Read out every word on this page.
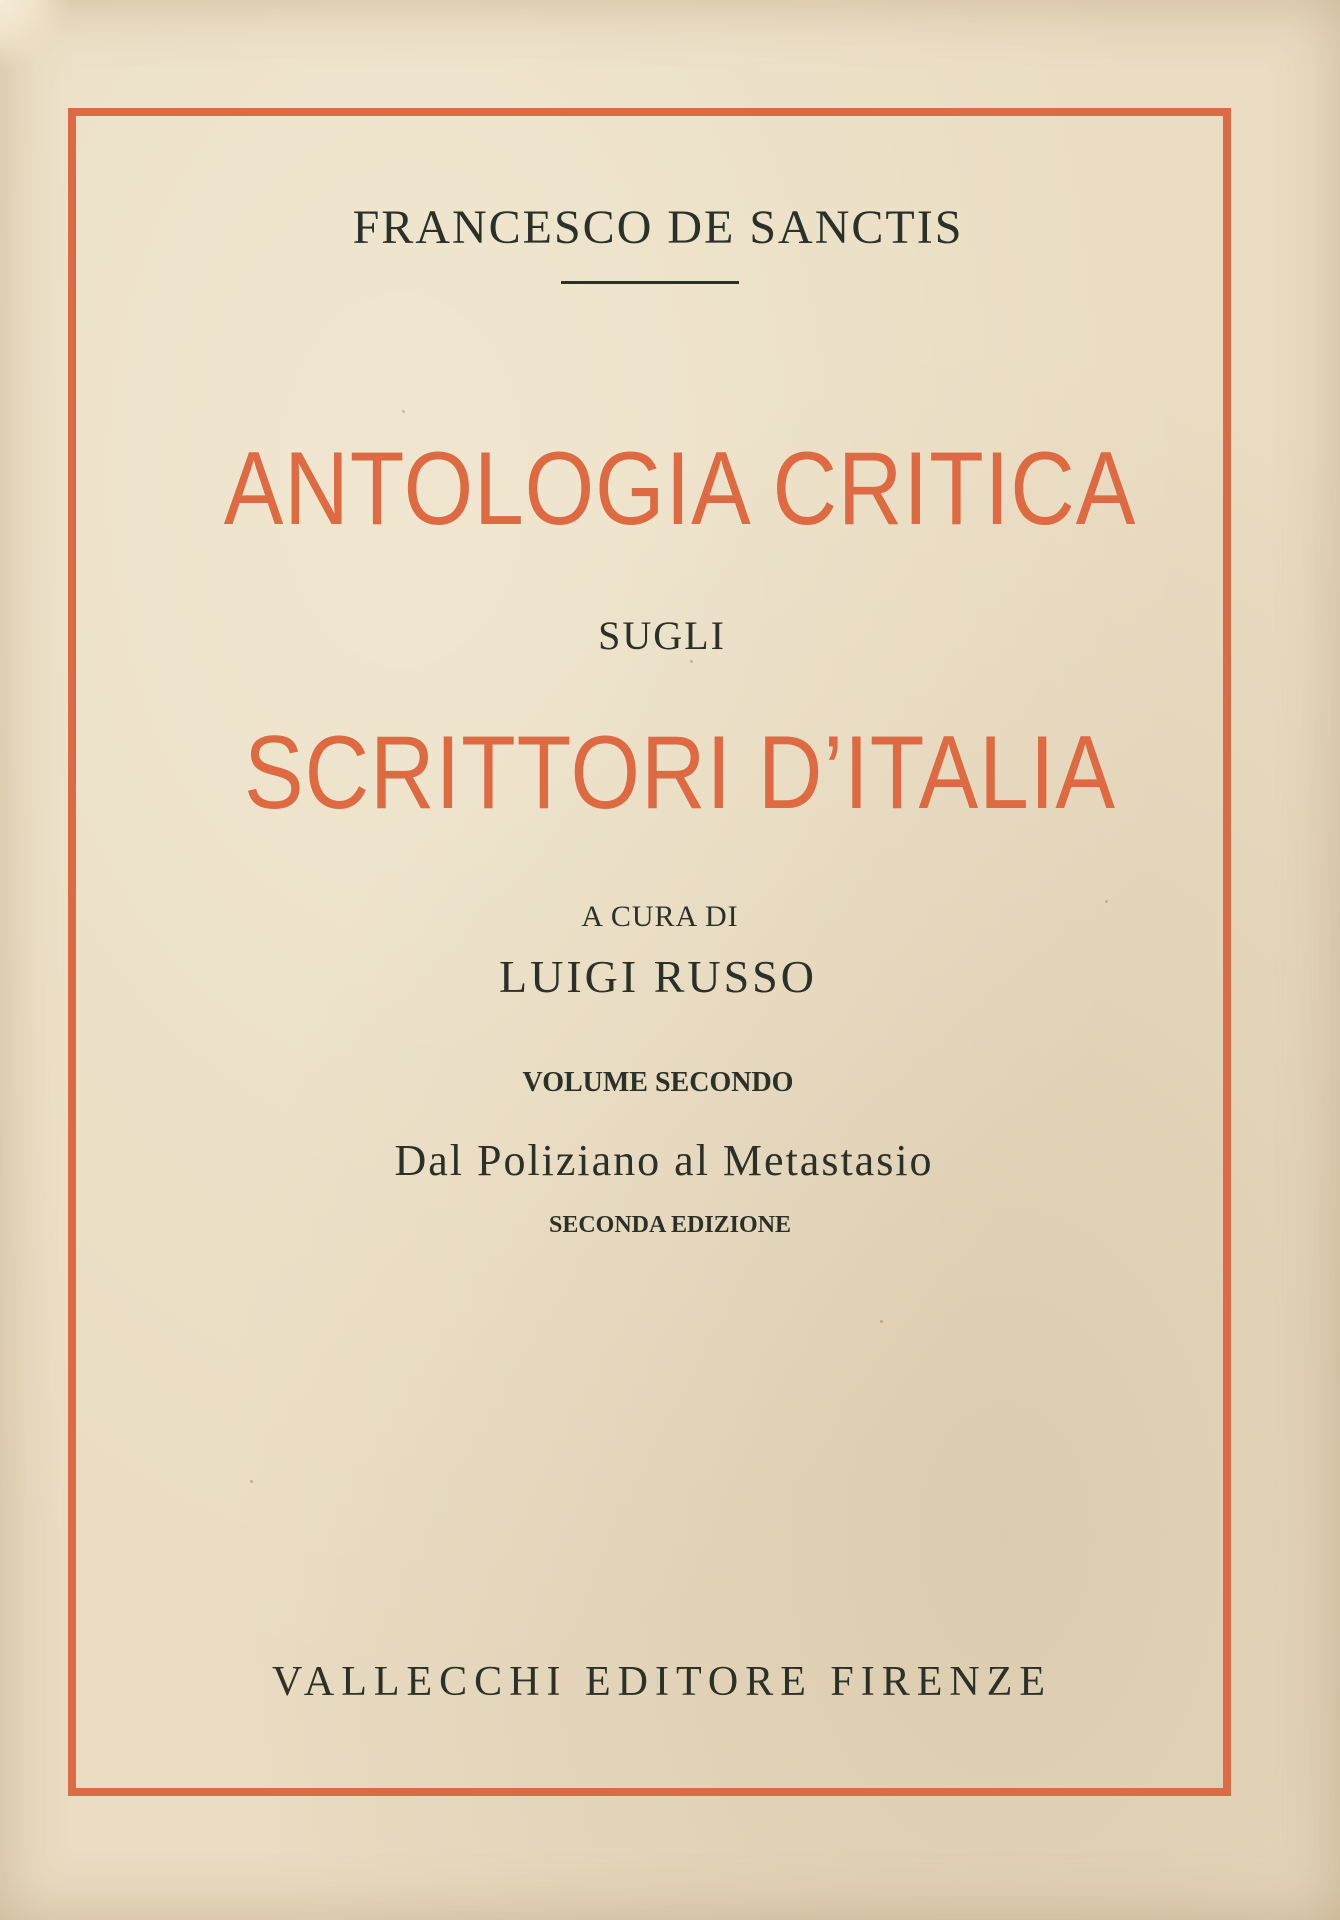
FRANCESCO DE SANCTIS
ANTOLOGIA CRITICA
SUGLI
SCRITTORI D’ITALIA
A CURA DI
LUIGI RUSSO
VOLUME SECONDO
Dal Poliziano al Metastasio
SECONDA EDIZIONE
VALLECCHI EDITORE FIRENZE
